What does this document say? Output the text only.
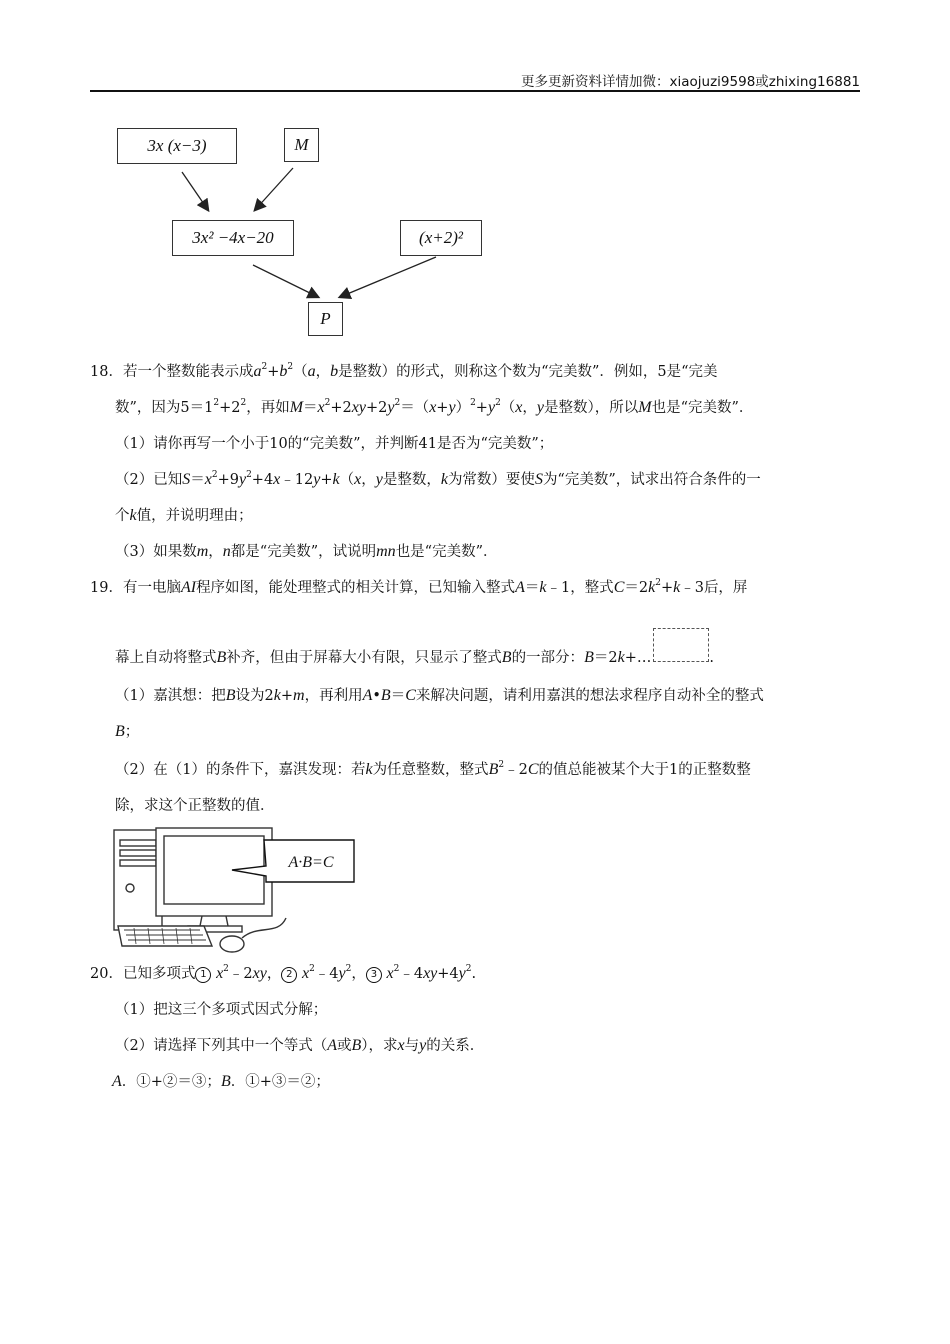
更多更新资料详情加微：xiaojuzi9598或zhixing16881
3x (x−3)	M
3x² −4x−20	(x+2)²
P
18．若一个整数能表示成$a^2+b^2(a$，b是整数）的形式，则称这个数为“完美数”．例如，5是“完美
数”，因为$5=1^2+2^2$，再如$M=x^2+2xy+2y^2=(x+y)^2+y^2(x$，y是整数），所以M也是“完美数”．
（1）请你再写一个小于10的“完美数”，并判断41是否为“完美数”；
（2）已知$S=x^2+9y^2+4x﹣12y+k(x$，y是整数，k为常数）要使S为“完美数”，试求出符合条件的一
个k值，并说明理由；
（3）如果数m，n都是“完美数”，试说明mn也是“完美数”．
19．有一电脑AI程序如图，能处理整式的相关计算，已知输入整式A＝k﹣1，整式$C=2k^2+k﹣3$后，屏
幕上自动将整式B补齐，但由于屏幕大小有限，只显示了整式B的一部分：B＝2k+…	.
（1）嘉淇想：把B设为2k+m，再利用A•B＝C来解决问题，请利用嘉淇的想法求程序自动补全的整式
B；
（2）在（1）的条件下，嘉淇发现：若k为任意整数，整式$B^2﹣2C$的值总能被某个大于1的正整数整
除，求这个正整数的值．
A·B=C
20．已知多项式 1 $x^2﹣2xy$， 2 $x^2﹣4y^2$， 3 $x^2﹣4xy+4y^2$.
（1）把这三个多项式因式分解；
（2）请选择下列其中一个等式（A或B），求x与y的关系．
A．①+②＝③；B．①+③＝②；
